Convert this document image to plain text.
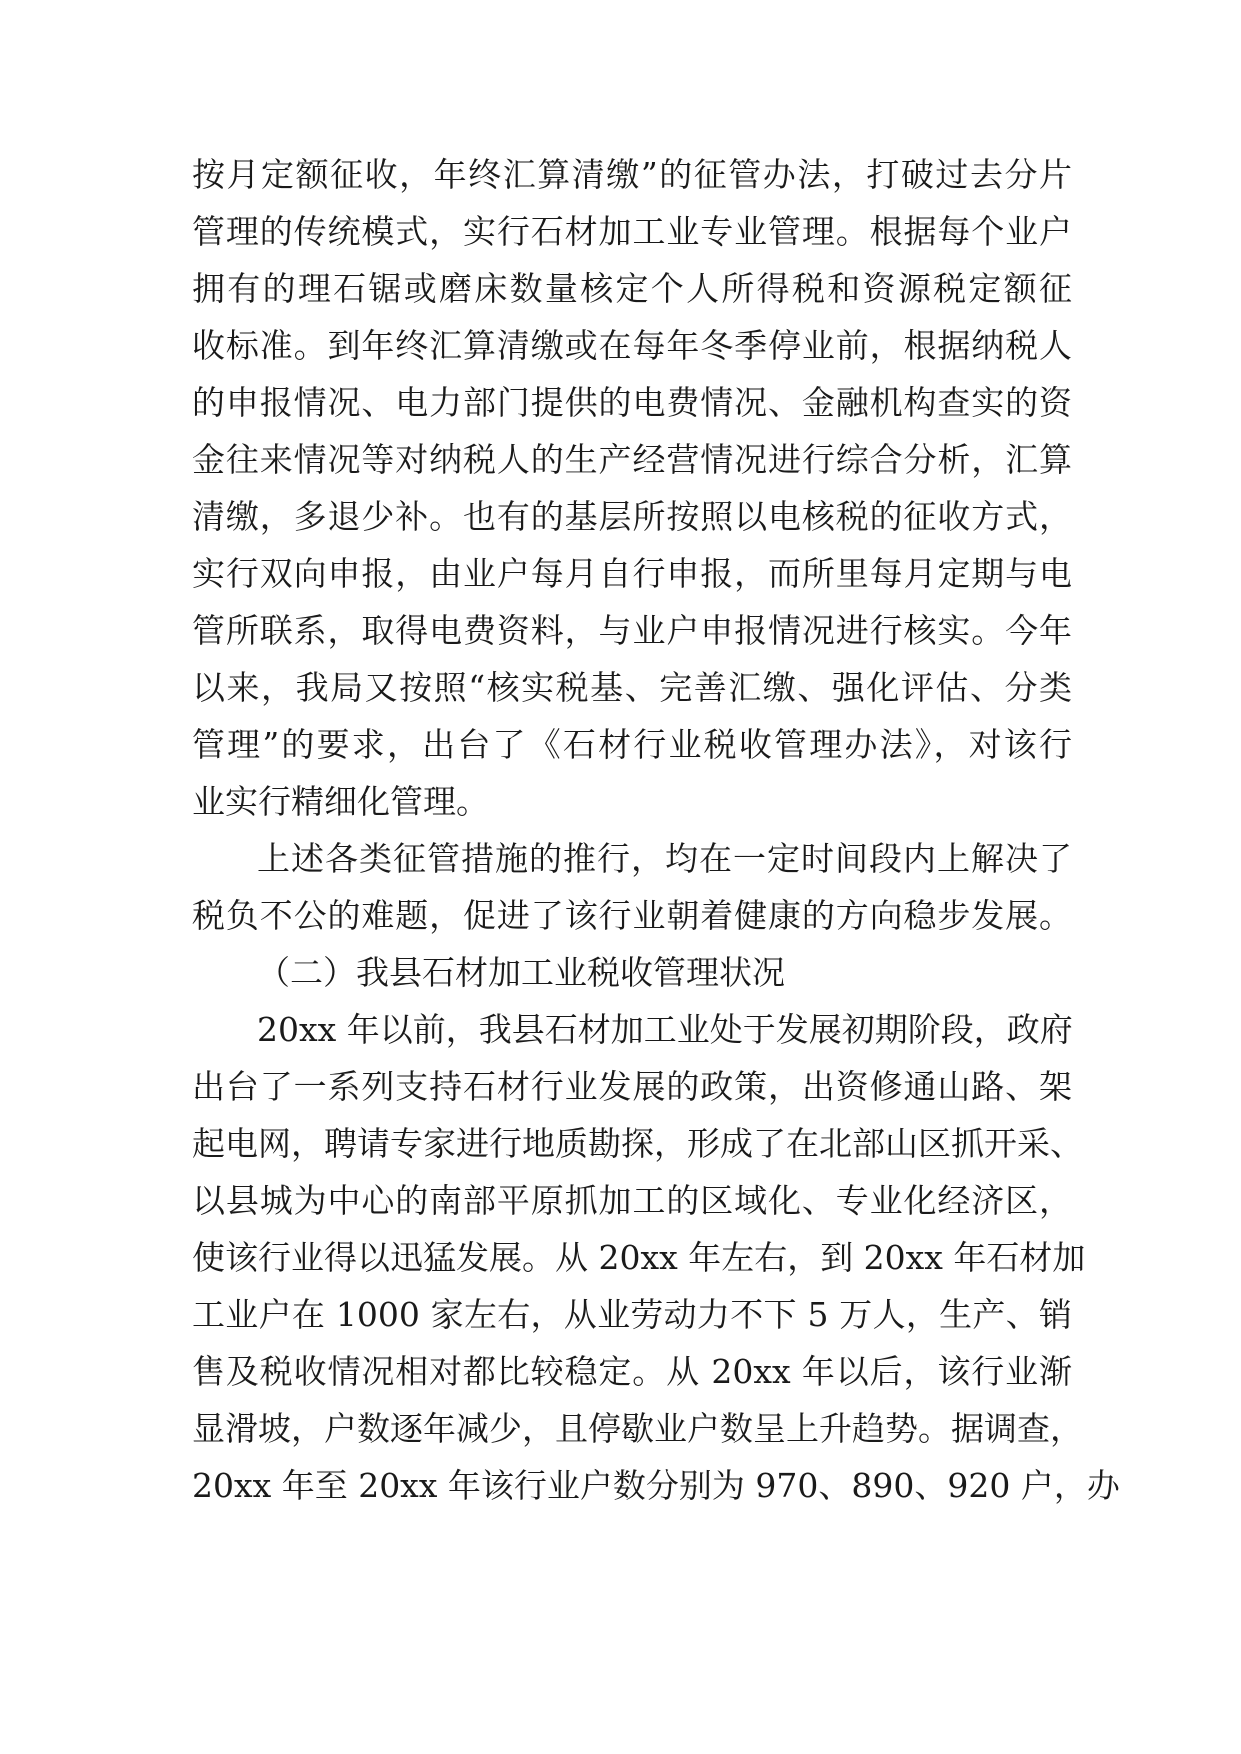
按月定额征收，年终汇算清缴”的征管办法，打破过去分片
管理的传统模式，实行石材加工业专业管理。根据每个业户
拥有的理石锯或磨床数量核定个人所得税和资源税定额征
收标准。到年终汇算清缴或在每年冬季停业前，根据纳税人
的申报情况、电力部门提供的电费情况、金融机构查实的资
金往来情况等对纳税人的生产经营情况进行综合分析，汇算
清缴，多退少补。也有的基层所按照以电核税的征收方式，
实行双向申报，由业户每月自行申报，而所里每月定期与电
管所联系，取得电费资料，与业户申报情况进行核实。今年
以来，我局又按照“核实税基、完善汇缴、强化评估、分类
管理”的要求，出台了《石材行业税收管理办法》，对该行
业实行精细化管理。
上述各类征管措施的推行，均在一定时间段内上解决了
税负不公的难题，促进了该行业朝着健康的方向稳步发展。
（二）我县石材加工业税收管理状况
20xx 年以前，我县石材加工业处于发展初期阶段，政府
出台了一系列支持石材行业发展的政策，出资修通山路、架
起电网，聘请专家进行地质勘探，形成了在北部山区抓开采、
以县城为中心的南部平原抓加工的区域化、专业化经济区，
使该行业得以迅猛发展。从 20xx 年左右，到 20xx 年石材加
工业户在 1000 家左右，从业劳动力不下 5 万人，生产、销
售及税收情况相对都比较稳定。从 20xx 年以后，该行业渐
显滑坡，户数逐年减少，且停歇业户数呈上升趋势。据调查，
20xx 年至 20xx 年该行业户数分别为 970、890、920 户，办
